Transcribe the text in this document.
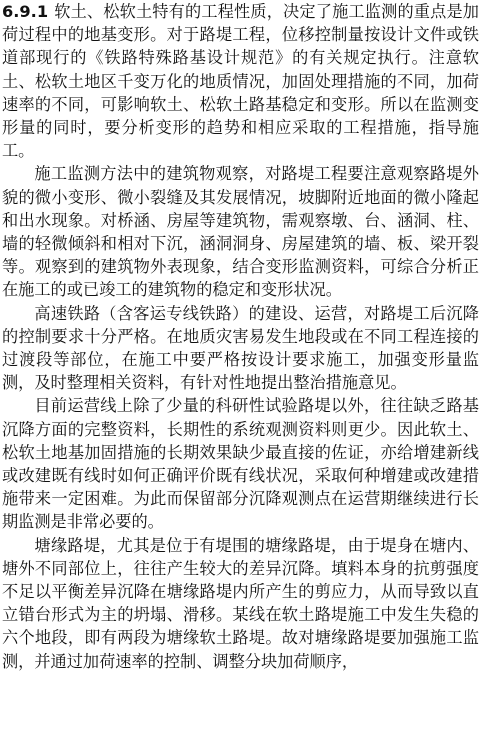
6.9.1 软土、松软土特有的工程性质，决定了施工监测的重点是加荷过程中的地基变形。对于路堤工程，位移控制量按设计文件或铁道部现行的《铁路特殊路基设计规范》的有关规定执行。注意软土、松软土地区千变万化的地质情况，加固处理措施的不同，加荷速率的不同，可影响软土、松软土路基稳定和变形。所以在监测变形量的同时，要分析变形的趋势和相应采取的工程措施，指导施工。

施工监测方法中的建筑物观察，对路堤工程要注意观察路堤外貌的微小变形、微小裂缝及其发展情况，坡脚附近地面的微小隆起和出水现象。对桥涵、房屋等建筑物，需观察墩、台、涵洞、柱、墙的轻微倾斜和相对下沉，涵洞洞身、房屋建筑的墙、板、梁开裂等。观察到的建筑物外表现象，结合变形监测资料，可综合分析正在施工的或已竣工的建筑物的稳定和变形状况。

高速铁路（含客运专线铁路）的建设、运营，对路堤工后沉降的控制要求十分严格。在地质灾害易发生地段或在不同工程连接的过渡段等部位，在施工中要严格按设计要求施工，加强变形量监测，及时整理相关资料，有针对性地提出整治措施意见。

目前运营线上除了少量的科研性试验路堤以外，往往缺乏路基沉降方面的完整资料，长期性的系统观测资料则更少。因此软土、松软土地基加固措施的长期效果缺少最直接的佐证，亦给增建新线或改建既有线时如何正确评价既有线状况，采取何种增建或改建措施带来一定困难。为此而保留部分沉降观测点在运营期继续进行长期监测是非常必要的。

塘缘路堤，尤其是位于有堤围的塘缘路堤，由于堤身在塘内、塘外不同部位上，往往产生较大的差异沉降。填料本身的抗剪强度不足以平衡差异沉降在塘缘路堤内所产生的剪应力，从而导致以直立错台形式为主的坍塌、滑移。某线在软土路堤施工中发生失稳的六个地段，即有两段为塘缘软土路堤。故对塘缘路堤要加强施工监测，并通过加荷速率的控制、调整分块加荷顺序，
